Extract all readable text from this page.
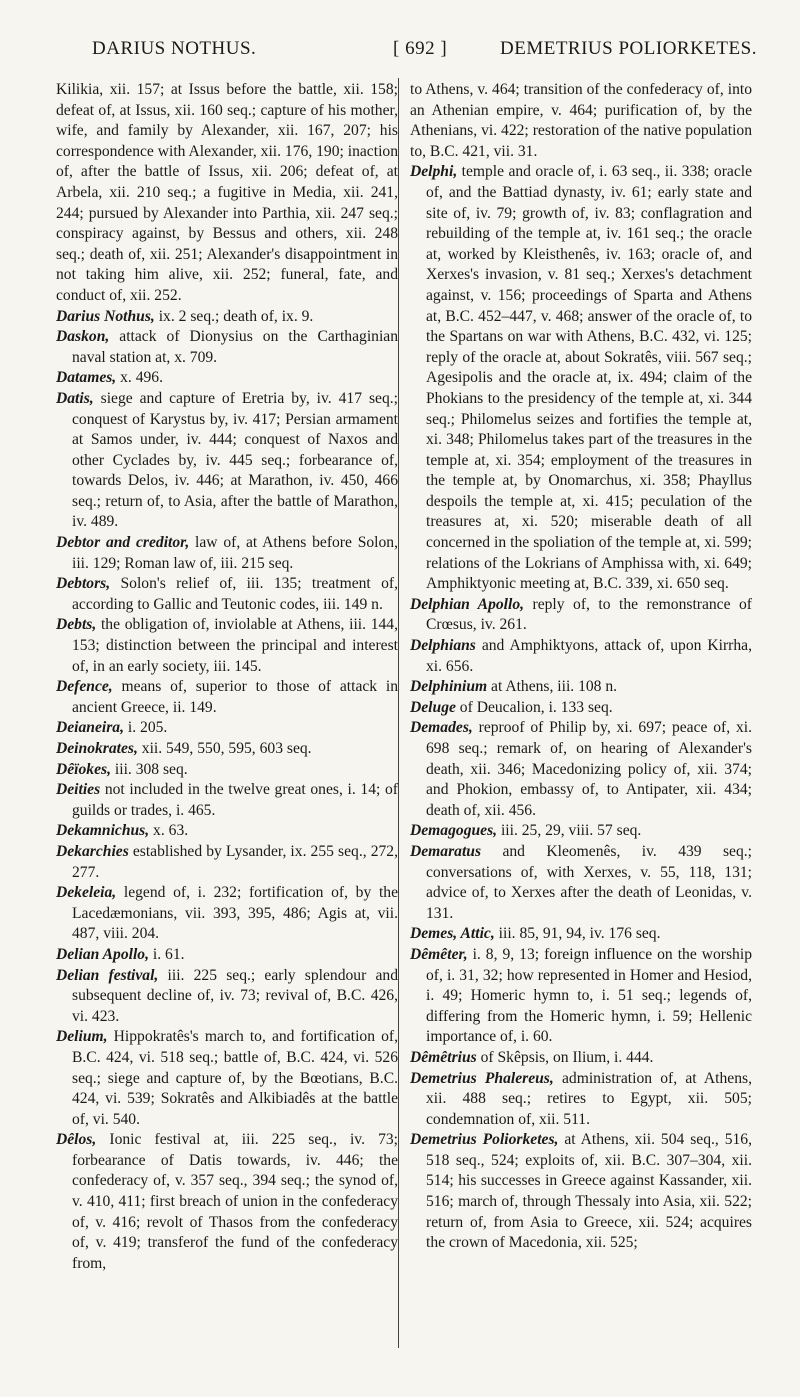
DARIUS NOTHUS.	[ 692 ]	DEMETRIUS POLIORKETES.

Kilikia, xii. 157; at Issus before the battle, xii. 158; defeat of, at Issus, xii. 160 seq.; capture of his mother, wife, and family by Alexander, xii. 167, 207; his correspondence with Alexander, xii. 176, 190; inaction of, after the battle of Issus, xii. 206; defeat of, at Arbela, xii. 210 seq.; a fugitive in Media, xii. 241, 244; pursued by Alexander into Parthia, xii. 247 seq.; conspiracy against, by Bessus and others, xii. 248 seq.; death of, xii. 251; Alexander's disappointment in not taking him alive, xii. 252; funeral, fate, and conduct of, xii. 252.

Darius Nothus, ix. 2 seq.; death of, ix. 9.

Daskon, attack of Dionysius on the Carthaginian naval station at, x. 709.

Datames, x. 496.

Datis, siege and capture of Eretria by, iv. 417 seq.; conquest of Karystus by, iv. 417; Persian armament at Samos under, iv. 444; conquest of Naxos and other Cyclades by, iv. 445 seq.; forbearance of, towards Delos, iv. 446; at Marathon, iv. 450, 466 seq.; return of, to Asia, after the battle of Marathon, iv. 489.

Debtor and creditor, law of, at Athens before Solon, iii. 129; Roman law of, iii. 215 seq.

Debtors, Solon's relief of, iii. 135; treatment of, according to Gallic and Teutonic codes, iii. 149 n.

Debts, the obligation of, inviolable at Athens, iii. 144, 153; distinction between the principal and interest of, in an early society, iii. 145.

Defence, means of, superior to those of attack in ancient Greece, ii. 149.

Deianeira, i. 205.

Deinokrates, xii. 549, 550, 595, 603 seq.

Dêïokes, iii. 308 seq.

Deities not included in the twelve great ones, i. 14; of guilds or trades, i. 465.

Dekamnichus, x. 63.

Dekarchies established by Lysander, ix. 255 seq., 272, 277.

Dekeleia, legend of, i. 232; fortification of, by the Lacedæmonians, vii. 393, 395, 486; Agis at, vii. 487, viii. 204.

Delian Apollo, i. 61.

Delian festival, iii. 225 seq.; early splendour and subsequent decline of, iv. 73; revival of, B.C. 426, vi. 423.

Delium, Hippokratês's march to, and fortification of, B.C. 424, vi. 518 seq.; battle of, B.C. 424, vi. 526 seq.; siege and capture of, by the Bœotians, B.C. 424, vi. 539; Sokratês and Alkibiadês at the battle of, vi. 540.

Dêlos, Ionic festival at, iii. 225 seq., iv. 73; forbearance of Datis towards, iv. 446; the confederacy of, v. 357 seq., 394 seq.; the synod of, v. 410, 411; first breach of union in the confederacy of, v. 416; revolt of Thasos from the confederacy of, v. 419; transferof the fund of the confederacy from,

to Athens, v. 464; transition of the confederacy of, into an Athenian empire, v. 464; purification of, by the Athenians, vi. 422; restoration of the native population to, B.C. 421, vii. 31.

Delphi, temple and oracle of, i. 63 seq., ii. 338; oracle of, and the Battiad dynasty, iv. 61; early state and site of, iv. 79; growth of, iv. 83; conflagration and rebuilding of the temple at, iv. 161 seq.; the oracle at, worked by Kleisthenês, iv. 163; oracle of, and Xerxes's invasion, v. 81 seq.; Xerxes's detachment against, v. 156; proceedings of Sparta and Athens at, B.C. 452–447, v. 468; answer of the oracle of, to the Spartans on war with Athens, B.C. 432, vi. 125; reply of the oracle at, about Sokratês, viii. 567 seq.; Agesipolis and the oracle at, ix. 494; claim of the Phokians to the presidency of the temple at, xi. 344 seq.; Philomelus seizes and fortifies the temple at, xi. 348; Philomelus takes part of the treasures in the temple at, xi. 354; employment of the treasures in the temple at, by Onomarchus, xi. 358; Phayllus despoils the temple at, xi. 415; peculation of the treasures at, xi. 520; miserable death of all concerned in the spoliation of the temple at, xi. 599; relations of the Lokrians of Amphissa with, xi. 649; Amphiktyonic meeting at, B.C. 339, xi. 650 seq.

Delphian Apollo, reply of, to the remonstrance of Crœsus, iv. 261.

Delphians and Amphiktyons, attack of, upon Kirrha, xi. 656.

Delphinium at Athens, iii. 108 n.

Deluge of Deucalion, i. 133 seq.

Demades, reproof of Philip by, xi. 697; peace of, xi. 698 seq.; remark of, on hearing of Alexander's death, xii. 346; Macedonizing policy of, xii. 374; and Phokion, embassy of, to Antipater, xii. 434; death of, xii. 456.

Demagogues, iii. 25, 29, viii. 57 seq.

Demaratus and Kleomenês, iv. 439 seq.; conversations of, with Xerxes, v. 55, 118, 131; advice of, to Xerxes after the death of Leonidas, v. 131.

Demes, Attic, iii. 85, 91, 94, iv. 176 seq.

Dêmêter, i. 8, 9, 13; foreign influence on the worship of, i. 31, 32; how represented in Homer and Hesiod, i. 49; Homeric hymn to, i. 51 seq.; legends of, differing from the Homeric hymn, i. 59; Hellenic importance of, i. 60.

Dêmêtrius of Skêpsis, on Ilium, i. 444.

Demetrius Phalereus, administration of, at Athens, xii. 488 seq.; retires to Egypt, xii. 505; condemnation of, xii. 511.

Demetrius Poliorketes, at Athens, xii. 504 seq., 516, 518 seq., 524; exploits of, xii. B.C. 307–304, xii. 514; his successes in Greece against Kassander, xii. 516; march of, through Thessaly into Asia, xii. 522; return of, from Asia to Greece, xii. 524; acquires the crown of Macedonia, xii. 525;
